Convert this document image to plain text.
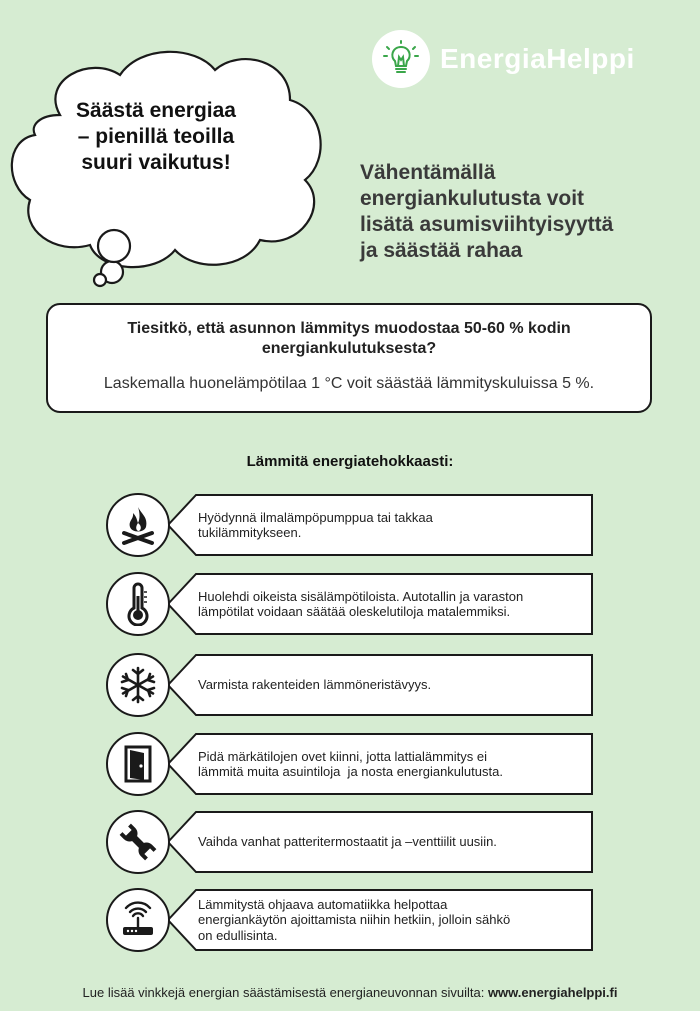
Säästä energiaa
– pienillä teoilla
suuri vaikutus!
EnergiaHelppi
Vähentämällä
energiankulutusta voit
lisätä asumisviihtyisyyttä
ja säästää rahaa
Tiesitkö, että asunnon lämmitys muodostaa 50-60 % kodin energiankulutuksesta?
Laskemalla huonelämpötilaa 1 °C voit säästää lämmityskuluissa 5 %.
Lämmitä energiatehokkaasti:
Hyödynnä ilmalämpöpumppua tai takkaa
tukilämmitykseen.
Huolehdi oikeista sisälämpötiloista. Autotallin ja varaston
lämpötilat voidaan säätää oleskelutiloja matalemmiksi.
Varmista rakenteiden lämmöneristävyys.
Pidä märkätilojen ovet kiinni, jotta lattialämmitys ei
lämmitä muita asuintiloja  ja nosta energiankulutusta.
Vaihda vanhat patteritermostaatit ja –venttiilit uusiin.
Lämmitystä ohjaava automatiikka helpottaa
energiankäytön ajoittamista niihin hetkiin, jolloin sähkö
on edullisinta.
Lue lisää vinkkejä energian säästämisestä energianeuvonnan sivuilta: www.energiahelppi.fi
